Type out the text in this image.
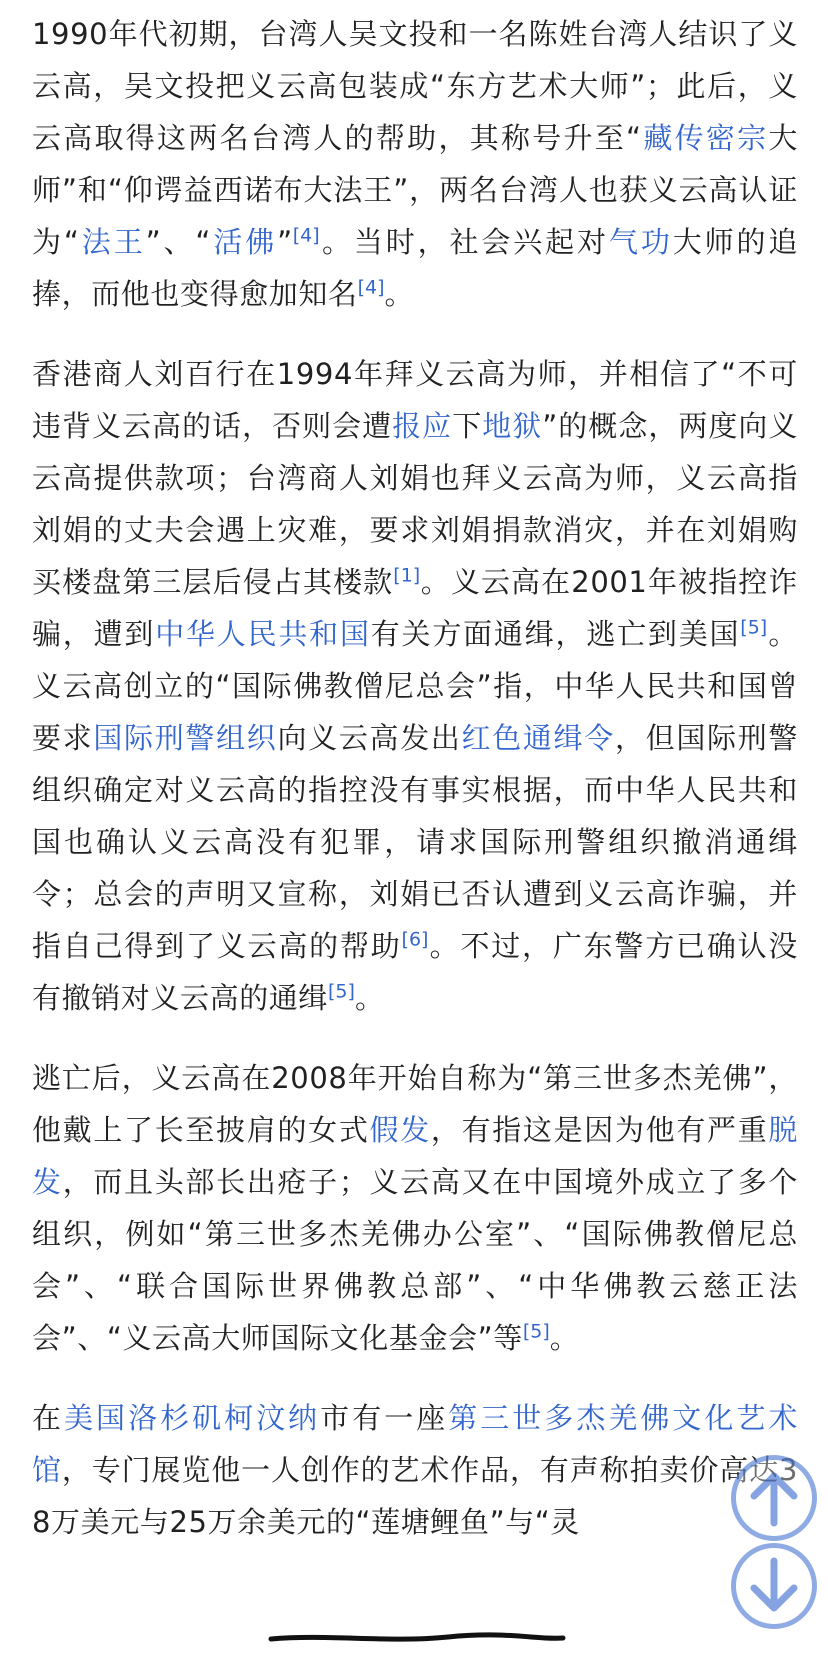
1990年代初期，台湾人吴文投和一名陈姓台湾人结识了义云高，吴文投把义云高包装成“东方艺术大师”；此后，义云高取得这两名台湾人的帮助，其称号升至“藏传密宗大师”和“仰谔益西诺布大法王”，两名台湾人也获义云高认证为“法王”、“活佛”[4]。当时，社会兴起对气功大师的追捧，而他也变得愈加知名[4]。

香港商人刘百行在1994年拜义云高为师，并相信了“不可违背义云高的话，否则会遭报应下地狱”的概念，两度向义云高提供款项；台湾商人刘娟也拜义云高为师，义云高指刘娟的丈夫会遇上灾难，要求刘娟捐款消灾，并在刘娟购买楼盘第三层后侵占其楼款[1]。义云高在2001年被指控诈骗，遭到中华人民共和国有关方面通缉，逃亡到美国[5]。义云高创立的“国际佛教僧尼总会”指，中华人民共和国曾要求国际刑警组织向义云高发出红色通缉令，但国际刑警组织确定对义云高的指控没有事实根据，而中华人民共和国也确认义云高没有犯罪，请求国际刑警组织撤消通缉令；总会的声明又宣称，刘娟已否认遭到义云高诈骗，并指自己得到了义云高的帮助[6]。不过，广东警方已确认没有撤销对义云高的通缉[5]。

逃亡后，义云高在2008年开始自称为“第三世多杰羌佛”，他戴上了长至披肩的女式假发，有指这是因为他有严重脱发，而且头部长出疮子；义云高又在中国境外成立了多个组织，例如“第三世多杰羌佛办公室”、“国际佛教僧尼总会”、“联合国际世界佛教总部”、“中华佛教云慈正法会”、“义云高大师国际文化基金会”等[5]。

在美国洛杉矶柯汶纳市有一座第三世多杰羌佛文化艺术馆，专门展览他一人创作的艺术作品，有声称拍卖价高达38万美元与25万余美元的“莲塘鲤鱼”与“灵
